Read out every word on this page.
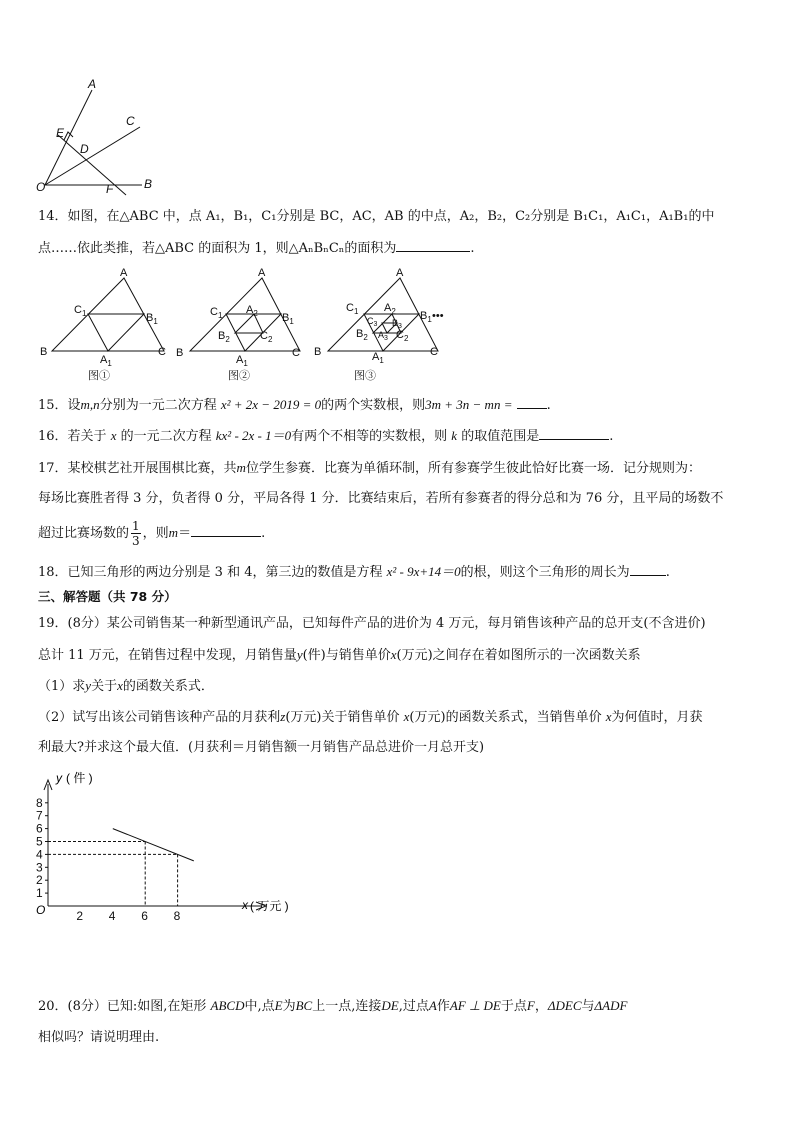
A
C
E
D
O	F	B
14．如图，在△ABC 中，点 A₁，B₁，C₁分别是 BC，AC，AB 的中点，A₂，B₂，C₂分别是 B₁C₁，A₁C₁，A₁B₁的中
点……依此类推，若△ABC 的面积为 1，则△AₙBₙCₙ的面积为	.
A
$C_1$	$B_1$
B
$A_1$
C
A
$C_1$ $A_2$ $B_1$
$B_2$	$C_2$
B
$A_1$
C
A
$C_1$ $A_2$ $B_1$ •••
$C_3$ $B_3$
$A_3$
$B_2$	$C_2$
B	$A_1$
C
图①	图②	图③
15．设m,n分别为一元二次方程 x² + 2x − 2019 = 0的两个实数根，则3m + 3n − mn =	.
16．若关于 x 的一元二次方程 kx² - 2x - 1＝0有两个不相等的实数根，则 k 的取值范围是	.
17．某校棋艺社开展围棋比赛，共m位学生参赛．比赛为单循环制，所有参赛学生彼此恰好比赛一场．记分规则为：
每场比赛胜者得 3 分，负者得 0 分，平局各得 1 分．比赛结束后，若所有参赛者的得分总和为 76 分，且平局的场数不
超过比赛场数的 $\frac{1}{3}$ ，则m＝	.
18．已知三角形的两边分别是 3 和 4，第三边的数值是方程 x² - 9x+14＝0的根，则这个三角形的周长为	.
三、解答题（共 78 分）
19．(8分）某公司销售某一种新型通讯产品，已知每件产品的进价为 4 万元，每月销售该种产品的总开支(不含进价)
总计 11 万元，在销售过程中发现，月销售量y(件)与销售单价x(万元)之间存在着如图所示的一次函数关系
（1）求y关于x的函数关系式．
（2）试写出该公司销售该种产品的月获利z(万元)关于销售单价 x(万元)的函数关系式，当销售单价 x为何值时，月获
利最大?并求这个最大值．(月获利＝月销售额一月销售产品总进价一月总开支)
1
2
3
4
5
6
7
8
2 4 6 8
y ( 件 )
x ( 万元 )
O
20．(8分）已知:如图,在矩形 ABCD中,点E为BC上一点,连接DE,过点A作AF ⊥ DE于点F，ΔDEC与ΔADF
相似吗？请说明理由.
